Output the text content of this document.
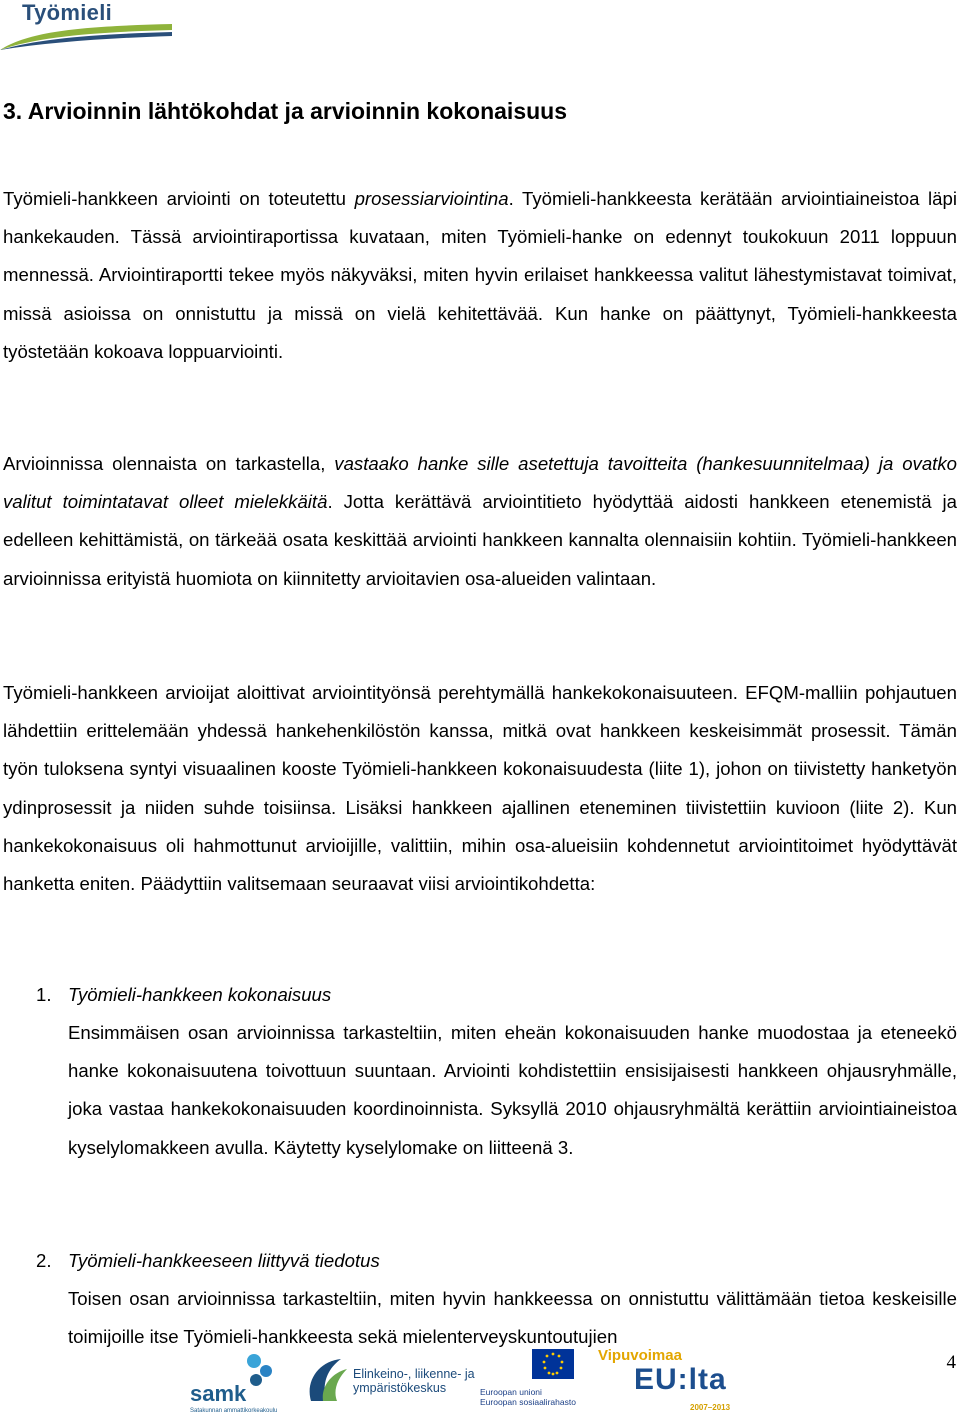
Työmieli
3. Arvioinnin lähtökohdat ja arvioinnin kokonaisuus

Työmieli-hankkeen arviointi on toteutettu prosessiarviointina. Työmieli-hankkeesta kerätään arviointiaineistoa läpi hankekauden. Tässä arviointiraportissa kuvataan, miten Työmieli-hanke on edennyt toukokuun 2011 loppuun mennessä. Arviointiraportti tekee myös näkyväksi, miten hyvin erilaiset hankkeessa valitut lähestymistavat toimivat, missä asioissa on onnistuttu ja missä on vielä kehitettävää. Kun hanke on päättynyt, Työmieli-hankkeesta työstetään kokoava loppuarviointi.

Arvioinnissa olennaista on tarkastella, vastaako hanke sille asetettuja tavoitteita (hankesuunnitelmaa) ja ovatko valitut toimintatavat olleet mielekkäitä. Jotta kerättävä arviointitieto hyödyttää aidosti hankkeen etenemistä ja edelleen kehittämistä, on tärkeää osata keskittää arviointi hankkeen kannalta olennaisiin kohtiin. Työmieli-hankkeen arvioinnissa erityistä huomiota on kiinnitetty arvioitavien osa-alueiden valintaan.

Työmieli-hankkeen arvioijat aloittivat arviointityönsä perehtymällä hankekokonaisuuteen. EFQM-malliin pohjautuen lähdettiin erittelemään yhdessä hankehenkilöstön kanssa, mitkä ovat hankkeen keskeisimmät prosessit. Tämän työn tuloksena syntyi visuaalinen kooste Työmieli-hankkeen kokonaisuudesta (liite 1), johon on tiivistetty hanketyön ydinprosessit ja niiden suhde toisiinsa. Lisäksi hankkeen ajallinen eteneminen tiivistettiin kuvioon (liite 2). Kun hankekokonaisuus oli hahmottunut arvioijille, valittiin, mihin osa-alueisiin kohdennetut arviointitoimet hyödyttävät hanketta eniten. Päädyttiin valitsemaan seuraavat viisi arviointikohdetta:

1. Työmieli-hankkeen kokonaisuus

Ensimmäisen osan arvioinnissa tarkasteltiin, miten eheän kokonaisuuden hanke muodostaa ja eteneekö hanke kokonaisuutena toivottuun suuntaan. Arviointi kohdistettiin ensisijaisesti hankkeen ohjausryhmälle, joka vastaa hankekokonaisuuden koordinoinnista. Syksyllä 2010 ohjausryhmältä kerättiin arviointiaineistoa kyselylomakkeen avulla. Käytetty kyselylomake on liitteenä 3.

2. Työmieli-hankkeeseen liittyvä tiedotus

Toisen osan arvioinnissa tarkasteltiin, miten hyvin hankkeessa on onnistuttu välittämään tietoa keskeisille toimijoille itse Työmieli-hankkeesta sekä mielenterveyskuntoutujien

4
samk
Satakunnan ammattikorkeakoulu
Elinkeino-, liikenne- ja
ympäristökeskus	Euroopan unioni
Euroopan sosiaalirahasto
Vipuvoimaa
EU:lta
2007–2013
